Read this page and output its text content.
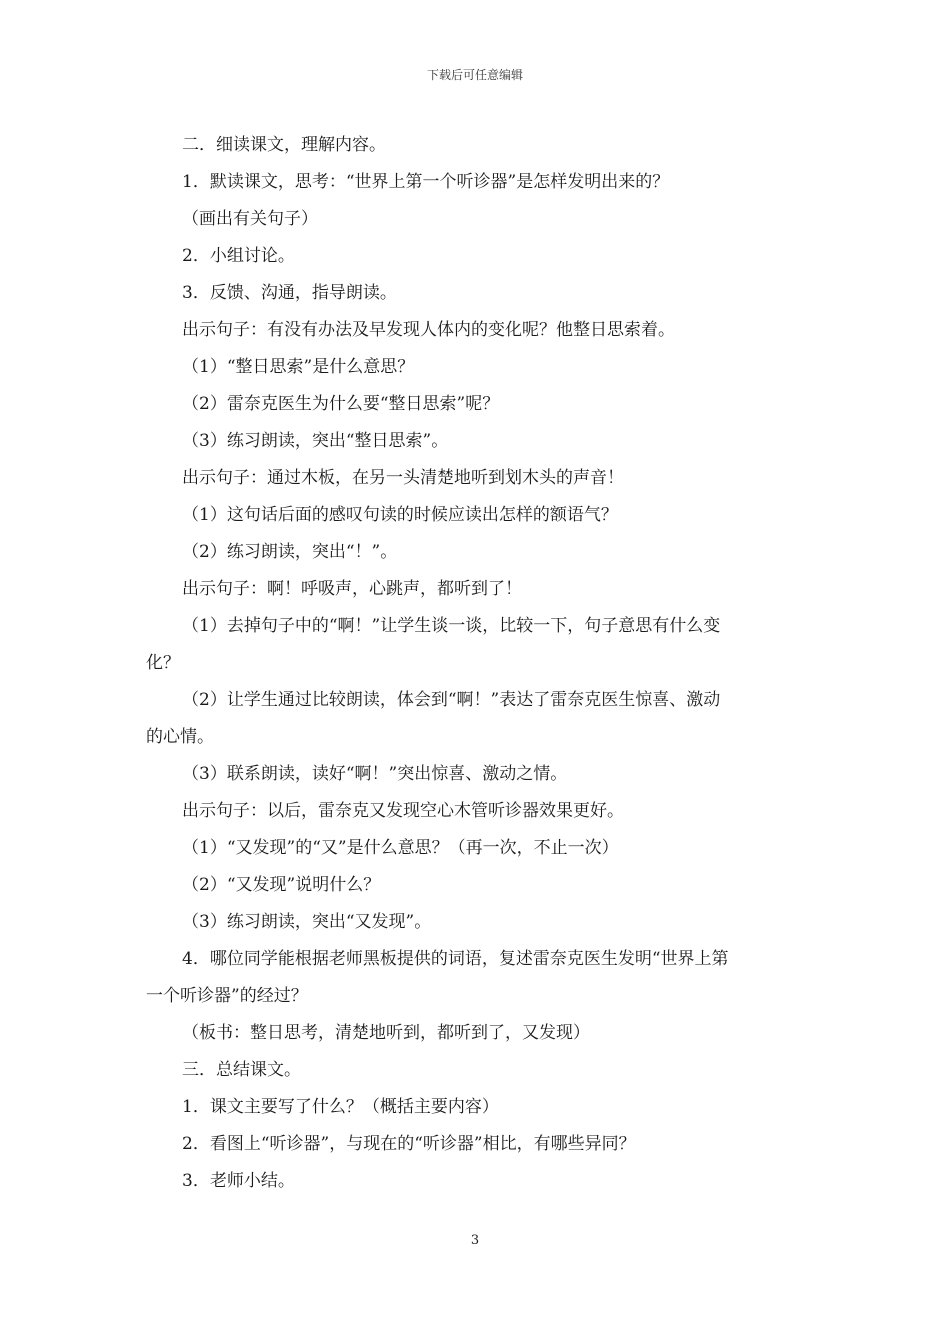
下载后可任意编辑
二．细读课文，理解内容。
1．默读课文，思考：“世界上第一个听诊器”是怎样发明出来的？
（画出有关句子）
2．小组讨论。
3．反馈、沟通，指导朗读。
出示句子：有没有办法及早发现人体内的变化呢？他整日思索着。
（1）“整日思索”是什么意思？
（2）雷奈克医生为什么要“整日思索”呢？
（3）练习朗读，突出“整日思索”。
出示句子：通过木板，在另一头清楚地听到划木头的声音！
（1）这句话后面的感叹句读的时候应读出怎样的额语气？
（2）练习朗读，突出“！”。
出示句子：啊！呼吸声，心跳声，都听到了！
（1）去掉句子中的“啊！”让学生谈一谈，比较一下，句子意思有什么变
化？
（2）让学生通过比较朗读，体会到“啊！”表达了雷奈克医生惊喜、激动
的心情。
（3）联系朗读，读好“啊！”突出惊喜、激动之情。
出示句子：以后，雷奈克又发现空心木管听诊器效果更好。
（1）“又发现”的“又”是什么意思？（再一次，不止一次）
（2）“又发现”说明什么？
（3）练习朗读，突出“又发现”。
4．哪位同学能根据老师黑板提供的词语，复述雷奈克医生发明“世界上第
一个听诊器”的经过？
（板书：整日思考，清楚地听到，都听到了，又发现）
三．总结课文。
1．课文主要写了什么？（概括主要内容）
2．看图上“听诊器”，与现在的“听诊器”相比，有哪些异同？
3．老师小结。
3
